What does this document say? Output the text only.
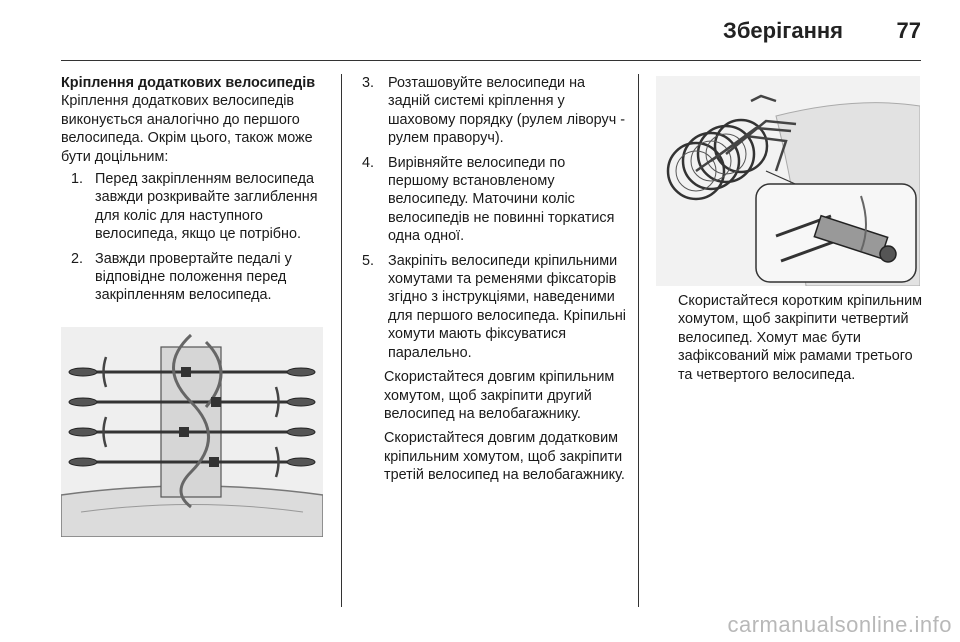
Зберігання 77

Кріплення додаткових велосипедів

Кріплення додаткових велосипедів виконується аналогічно до першого велосипеда. Окрім цього, також може бути доцільним:

1. Перед закріпленням велосипеда завжди розкривайте заглиблення для коліс для наступного велосипеда, якщо це потрібно.
2. Завжди провертайте педалі у відповідне положення перед закріпленням велосипеда.
3. Розташовуйте велосипеди на задній системі кріплення у шаховому порядку (рулем ліворуч - рулем праворуч).
4. Вирівняйте велосипеди по першому встановленому велосипеду. Маточини коліс велосипедів не повинні торкатися одна одної.
5. Закріпіть велосипеди кріпильними хомутами та ременями фіксаторів згідно з інструкціями, наведеними для першого велосипеда. Кріпильні хомути мають фіксуватися паралельно.

Скористайтеся довгим кріпильним хомутом, щоб закріпити другий велосипед на велобагажнику.

Скористайтеся довгим додатковим кріпильним хомутом, щоб закріпити третій велосипед на велобагажнику.

Скористайтеся коротким кріпильним хомутом, щоб закріпити четвертий велосипед. Хомут має бути зафіксований між рамами третього та четвертого велосипеда.

carmanualsonline.info
